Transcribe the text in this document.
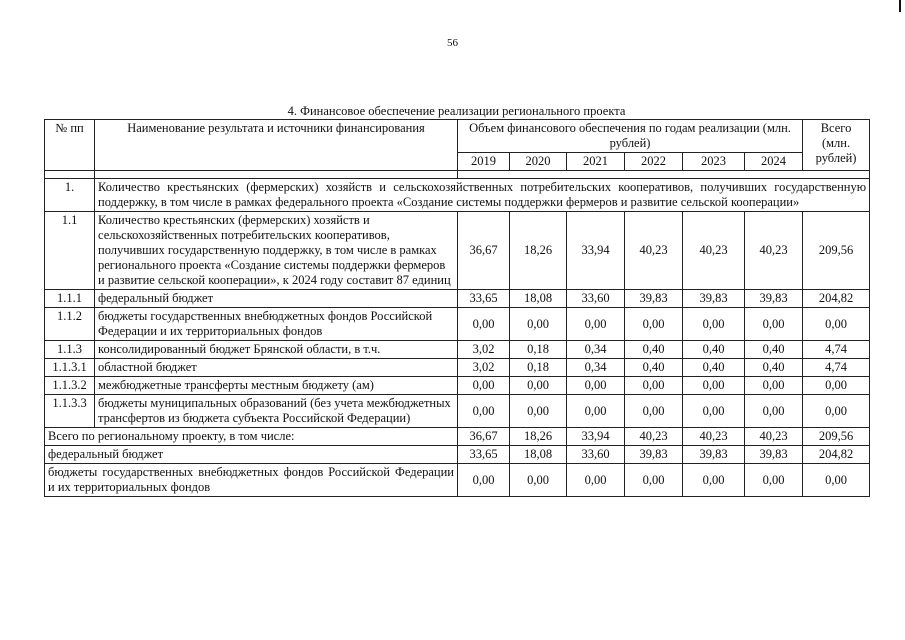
56
4. Финансовое обеспечение реализации регионального проекта
№ пп	Наименование результата и источники финансирования	Объем финансового обеспечения по годам реализации (млн. рублей)						Всего (млн. рублей)
		2019	2020	2021	2022	2023	2024	

1.	Количество крестьянских (фермерских) хозяйств и сельскохозяйственных потребительских кооперативов, получивших государственную поддержку, в том числе в рамках федерального проекта «Создание системы поддержки фермеров и развитие сельской кооперации»							
1.1	Количество крестьянских (фермерских) хозяйств и сельскохозяйственных потребительских кооперативов, получивших государственную поддержку, в том числе в рамках регионального проекта «Создание системы поддержки фермеров и развитие сельской кооперации», к 2024 году составит 87 единиц	36,67	18,26	33,94	40,23	40,23	40,23	209,56
1.1.1	федеральный бюджет	33,65	18,08	33,60	39,83	39,83	39,83	204,82
1.1.2	бюджеты государственных внебюджетных фондов Российской Федерации и их территориальных фондов	0,00	0,00	0,00	0,00	0,00	0,00	0,00
1.1.3	консолидированный бюджет Брянской области, в т.ч.	3,02	0,18	0,34	0,40	0,40	0,40	4,74
1.1.3.1	областной бюджет	3,02	0,18	0,34	0,40	0,40	0,40	4,74
1.1.3.2	межбюджетные трансферты местным бюджету (ам)	0,00	0,00	0,00	0,00	0,00	0,00	0,00
1.1.3.3	бюджеты муниципальных образований (без учета межбюджетных трансфертов из бюджета субъекта Российской Федерации)	0,00	0,00	0,00	0,00	0,00	0,00	0,00
Всего по региональному проекту, в том числе:		36,67	18,26	33,94	40,23	40,23	40,23	209,56
федеральный бюджет		33,65	18,08	33,60	39,83	39,83	39,83	204,82
бюджеты государственных внебюджетных фондов Российской Федерации и их территориальных фондов		0,00	0,00	0,00	0,00	0,00	0,00	0,00
